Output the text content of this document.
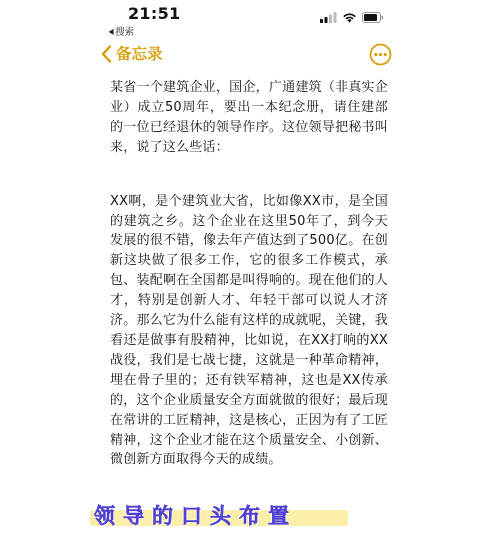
21:51
◀ 搜索
备忘录

某省一个建筑企业，国企，广通建筑（非真实企业）成立50周年，要出一本纪念册，请住建部的一位已经退休的领导作序。这位领导把秘书叫来，说了这么些话：

XX啊，是个建筑业大省，比如像XX市，是全国的建筑之乡。这个企业在这里50年了，到今天发展的很不错，像去年产值达到了500亿。在创新这块做了很多工作，它的很多工作模式，承包、装配啊在全国都是叫得响的。现在他们的人才，特别是创新人才、年轻干部可以说人才济济。那么它为什么能有这样的成就呢，关键，我看还是做事有股精神，比如说，在XX打响的XX战役，我们是七战七捷，这就是一种革命精神，埋在骨子里的；还有铁军精神，这也是XX传承的，这个企业质量安全方面就做的很好；最后现在常讲的工匠精神，这是核心，正因为有了工匠精神，这个企业才能在这个质量安全、小创新、微创新方面取得今天的成绩。

领导的口头布置
